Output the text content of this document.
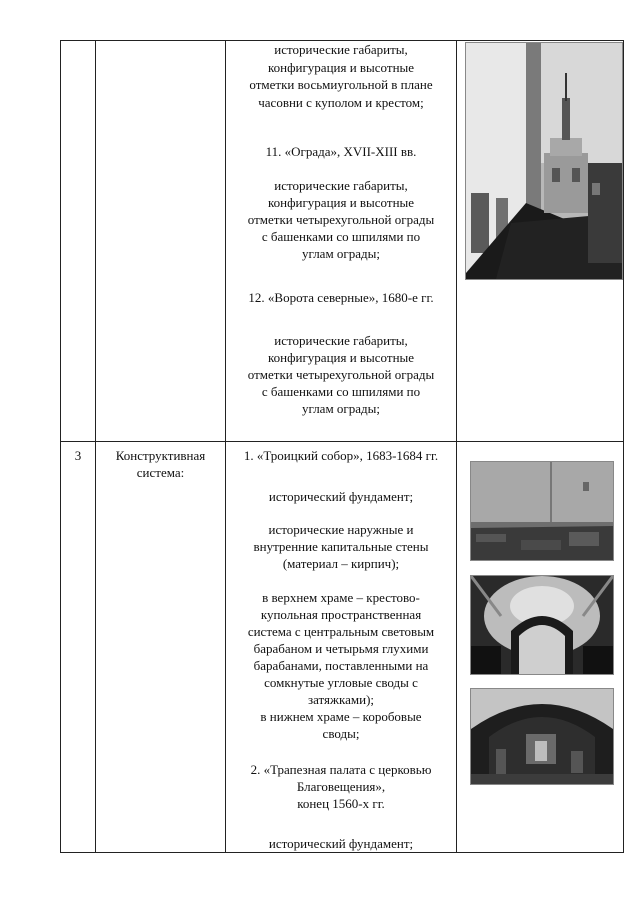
исторические габариты,
конфигурация и высотные
отметки восьмиугольной в плане
часовни с куполом и крестом;
11. «Ограда», XVII-XIII вв.
исторические габариты,
конфигурация и высотные
отметки четырехугольной ограды
с башенками со шпилями по
углам ограды;
12. «Ворота северные», 1680-е гг.
исторические габариты,
конфигурация и высотные
отметки четырехугольной ограды
с башенками со шпилями по
углам ограды;
3	Конструктивная
система:
1. «Троицкий собор», 1683-1684 гг.
исторический фундамент;
исторические наружные и
внутренние капитальные стены
(материал – кирпич);
в верхнем храме – крестово-
купольная пространственная
система с центральным световым
барабаном и четырьмя глухими
барабанами, поставленными на
сомкнутые угловые своды с
затяжками);
в нижнем храме – коробовые
своды;
2. «Трапезная палата с церковью
Благовещения»,
конец 1560-х гг.
исторический фундамент;
